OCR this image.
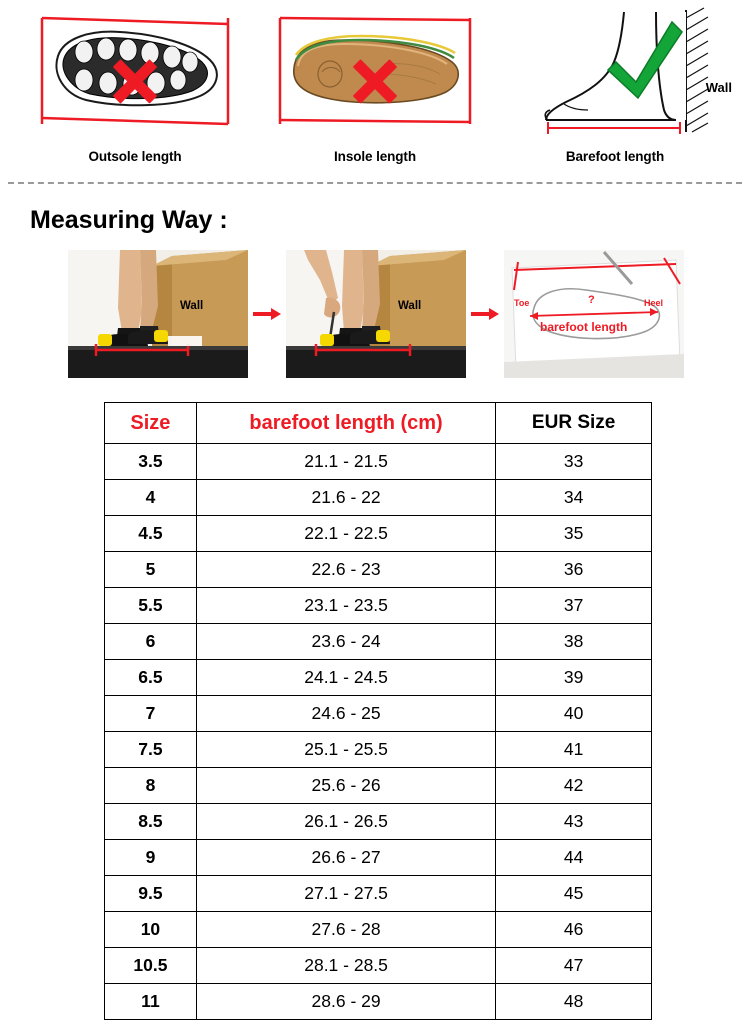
Outsole length	Insole length
Wall
Barefoot length
Measuring Way :
Wall	Wall	Toe	?	Heel
barefoot length
Size	barefoot length (cm)	EUR Size
3.5	21.1 - 21.5	33
4	21.6 - 22	34
4.5	22.1 - 22.5	35
5	22.6 - 23	36
5.5	23.1 - 23.5	37
6	23.6 - 24	38
6.5	24.1 - 24.5	39
7	24.6 - 25	40
7.5	25.1 - 25.5	41
8	25.6 - 26	42
8.5	26.1 - 26.5	43
9	26.6 - 27	44
9.5	27.1 - 27.5	45
10	27.6 - 28	46
10.5	28.1 - 28.5	47
11	28.6 - 29	48
